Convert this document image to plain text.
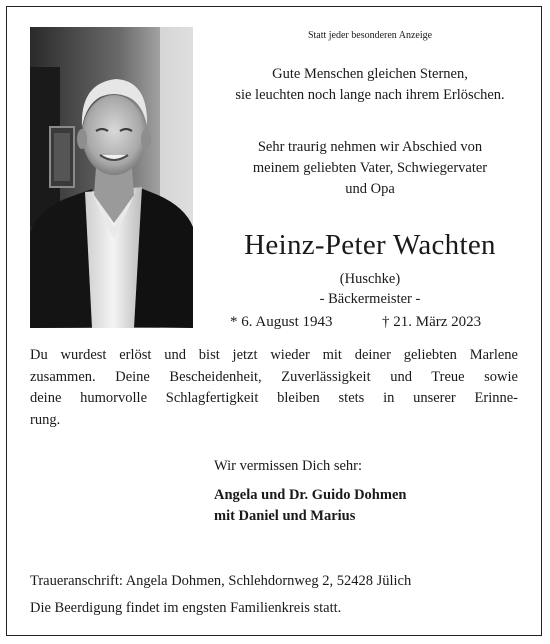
Statt jeder besonderen Anzeige
Gute Menschen gleichen Sternen,
sie leuchten noch lange nach ihrem Erlöschen.
Sehr traurig nehmen wir Abschied von
meinem geliebten Vater, Schwiegervater
und Opa
Heinz-Peter Wachten
(Huschke)
- Bäckermeister -
* 6. August 1943	† 21. März 2023
Du wurdest erlöst und bist jetzt wieder mit deiner geliebten Marlene
zusammen. Deine Bescheidenheit, Zuverlässigkeit und Treue sowie
deine humorvolle Schlagfertigkeit bleiben stets in unserer Erinne-
rung.
Wir vermissen Dich sehr:
Angela und Dr. Guido Dohmen
mit Daniel und Marius
Traueranschrift: Angela Dohmen, Schlehdornweg 2, 52428 Jülich
Die Beerdigung findet im engsten Familienkreis statt.
